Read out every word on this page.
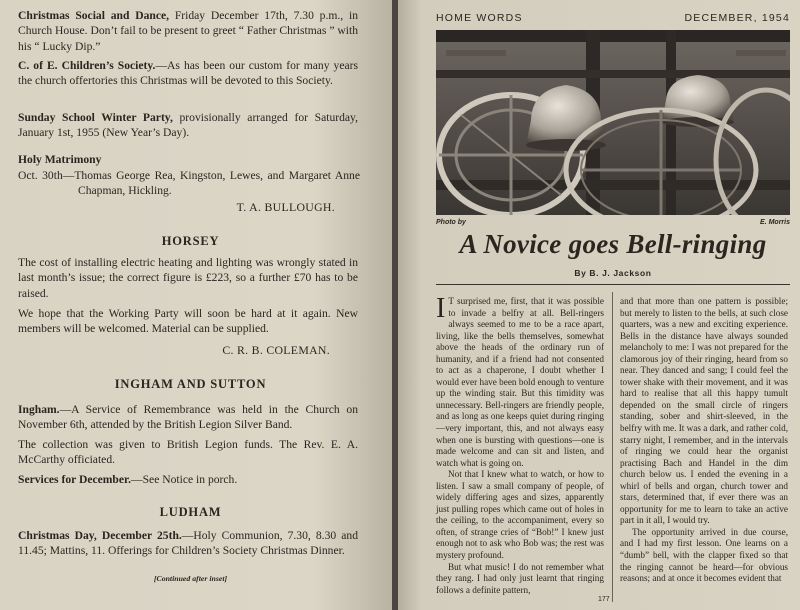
Christmas Social and Dance, Friday December 17th, 7.30 p.m., in Church House. Don’t fail to be present to greet “ Father Christmas ” with his “ Lucky Dip.”

C. of E. Children’s Society.—As has been our custom for many years the church offertories this Christmas will be devoted to this Society.

Sunday School Winter Party, provisionally arranged for Saturday, January 1st, 1955 (New Year’s Day).

Holy Matrimony

Oct. 30th—Thomas George Rea, Kingston, Lewes, and Margaret Anne Chapman, Hickling.

T. A. BULLOUGH.
HORSEY

The cost of installing electric heating and lighting was wrongly stated in last month’s issue; the correct figure is £223, so a further £70 has to be raised.

We hope that the Working Party will soon be hard at it again. New members will be welcomed. Material can be supplied.

C. R. B. COLEMAN.
INGHAM AND SUTTON

Ingham.—A Service of Remembrance was held in the Church on November 6th, attended by the British Legion Silver Band.

The collection was given to British Legion funds. The Rev. E. A. McCarthy officiated.

Services for December.—See Notice in porch.

LUDHAM

Christmas Day, December 25th.—Holy Communion, 7.30, 8.30 and 11.45; Mattins, 11. Offerings for Children’s Society Christmas Dinner.

[Continued after inset]
HOME WORDS	DECEMBER, 1954
Photo by	E. Morris
A Novice goes Bell-ringing
By B. J. Jackson

I T surprised me, first, that it was possible to invade a belfry at all. Bell-ringers always seemed to me to be a race apart, living, like the bells themselves, somewhat above the heads of the ordinary run of humanity, and if a friend had not consented to act as a chaperone, I doubt whether I would ever have been bold enough to venture up the winding stair. But this timidity was unnecessary. Bell-ringers are friendly people, and as long as one keeps quiet during ringing—very important, this, and not always easy when one is bursting with questions—one is made welcome and can sit and listen, and watch what is going on.

Not that I knew what to watch, or how to listen. I saw a small company of people, of widely differing ages and sizes, apparently just pulling ropes which came out of holes in the ceiling, to the accompaniment, every so often, of strange cries of “Bob!” I knew just enough not to ask who Bob was; the rest was mystery profound.

But what music! I do not remember what they rang. I had only just learnt that ringing follows a definite pattern,

and that more than one pattern is possible; but merely to listen to the bells, at such close quarters, was a new and exciting experience. Bells in the distance have always sounded melancholy to me: I was not prepared for the clamorous joy of their ringing, heard from so near. They danced and sang; I could feel the tower shake with their movement, and it was hard to realise that all this happy tumult depended on the small circle of ringers standing, sober and shirt-sleeved, in the belfry with me. It was a dark, and rather cold, starry night, I remember, and in the intervals of ringing we could hear the organist practising Bach and Handel in the dim church below us. I ended the evening in a whirl of bells and organ, church tower and stars, determined that, if ever there was an opportunity for me to learn to take an active part in it all, I would try.

The opportunity arrived in due course, and I had my first lesson. One learns on a “dumb” bell, with the clapper fixed so that the ringing cannot be heard—for obvious reasons; and at once it becomes evident that

177
